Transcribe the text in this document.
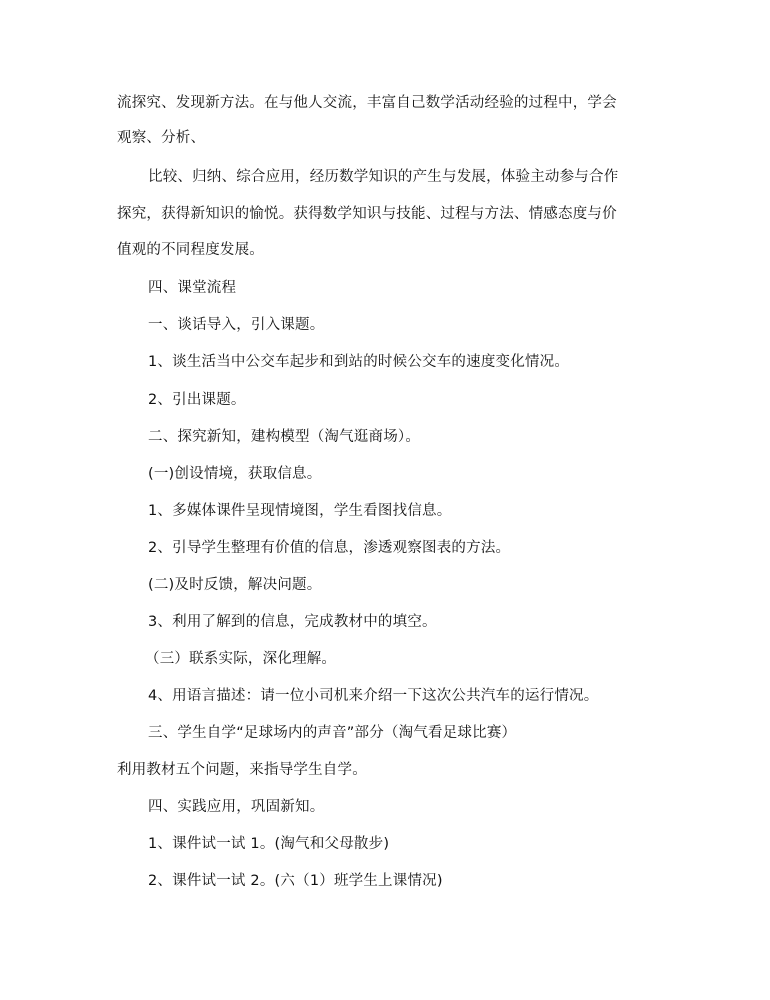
流探究、发现新方法。在与他人交流，丰富自己数学活动经验的过程中，学会
观察、分析、
比较、归纳、综合应用，经历数学知识的产生与发展，体验主动参与合作
探究，获得新知识的愉悦。获得数学知识与技能、过程与方法、情感态度与价
值观的不同程度发展。
四、课堂流程
一、谈话导入，引入课题。
1、谈生活当中公交车起步和到站的时候公交车的速度变化情况。
2、引出课题。
二、探究新知，建构模型（淘气逛商场）。
(一)创设情境，获取信息。
1、多媒体课件呈现情境图，学生看图找信息。
2、引导学生整理有价值的信息，渗透观察图表的方法。
(二)及时反馈，解决问题。
3、利用了解到的信息，完成教材中的填空。
（三）联系实际，深化理解。
4、用语言描述：请一位小司机来介绍一下这次公共汽车的运行情况。
三、学生自学“足球场内的声音”部分（淘气看足球比赛）
利用教材五个问题，来指导学生自学。
四、实践应用，巩固新知。
1、课件试一试 1。(淘气和父母散步)
2、课件试一试 2。(六（1）班学生上课情况)
